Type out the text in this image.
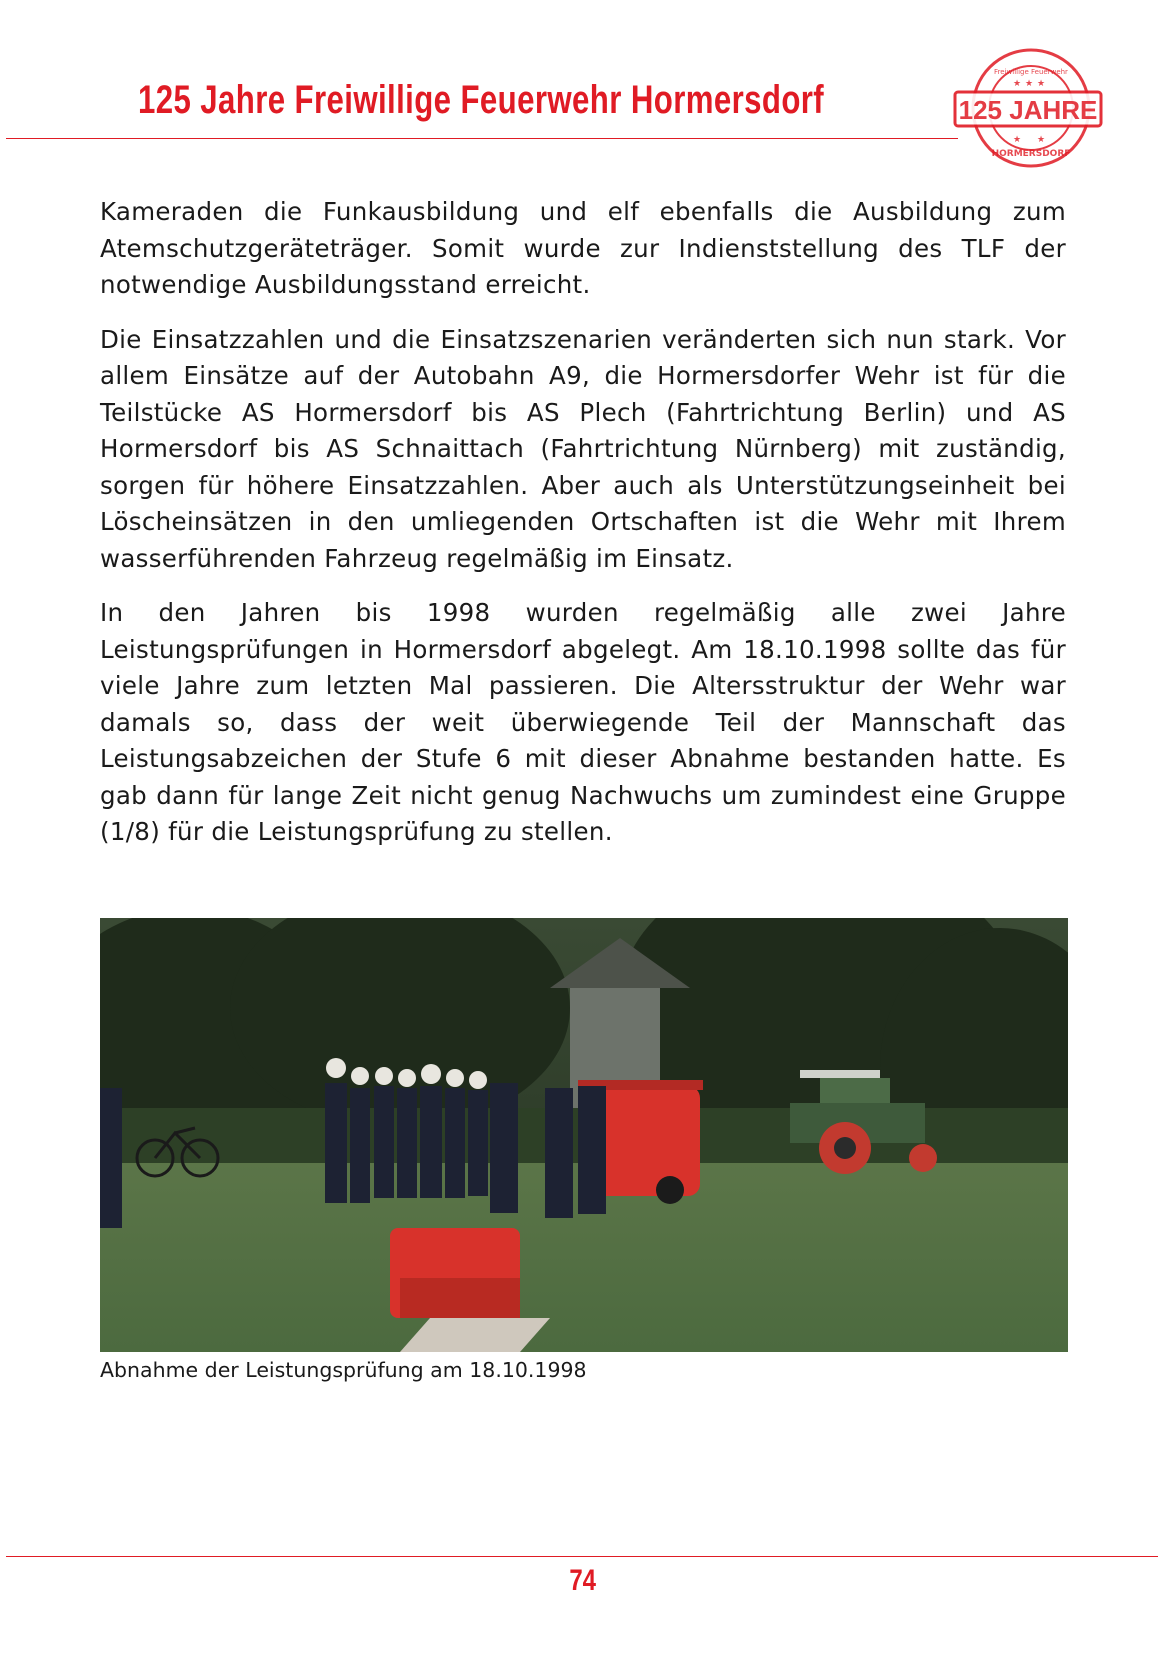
125 Jahre Freiwillige Feuerwehr Hormersdorf	125 JAHRE
Freiwillige Feuerwehr
★ ★ ★
★ ★
HORMERSDORF

Kameraden die Funkausbildung und elf ebenfalls die Ausbildung zum Atemschutzgeräteträger. Somit wurde zur Indienststellung des TLF der notwendige Ausbildungsstand erreicht.

Die Einsatzzahlen und die Einsatzszenarien veränderten sich nun stark. Vor allem Einsätze auf der Autobahn A9, die Hormersdorfer Wehr ist für die Teilstücke AS Hormersdorf bis AS Plech (Fahrtrichtung Berlin) und AS Hormersdorf bis AS Schnaittach (Fahrtrichtung Nürnberg) mit zuständig, sorgen für höhere Einsatzzahlen. Aber auch als Unterstützungseinheit bei Löscheinsätzen in den umliegenden Ortschaften ist die Wehr mit Ihrem wasserführenden Fahrzeug regelmäßig im Einsatz.

In den Jahren bis 1998 wurden regelmäßig alle zwei Jahre Leistungsprüfungen in Hormersdorf abgelegt. Am 18.10.1998 sollte das für viele Jahre zum letzten Mal passieren. Die Altersstruktur der Wehr war damals so, dass der weit überwiegende Teil der Mannschaft das Leistungsabzeichen der Stufe 6 mit dieser Abnahme bestanden hatte. Es gab dann für lange Zeit nicht genug Nachwuchs um zumindest eine Gruppe (1/8) für die Leistungsprüfung zu stellen.

Abnahme der Leistungsprüfung am 18.10.1998
74
